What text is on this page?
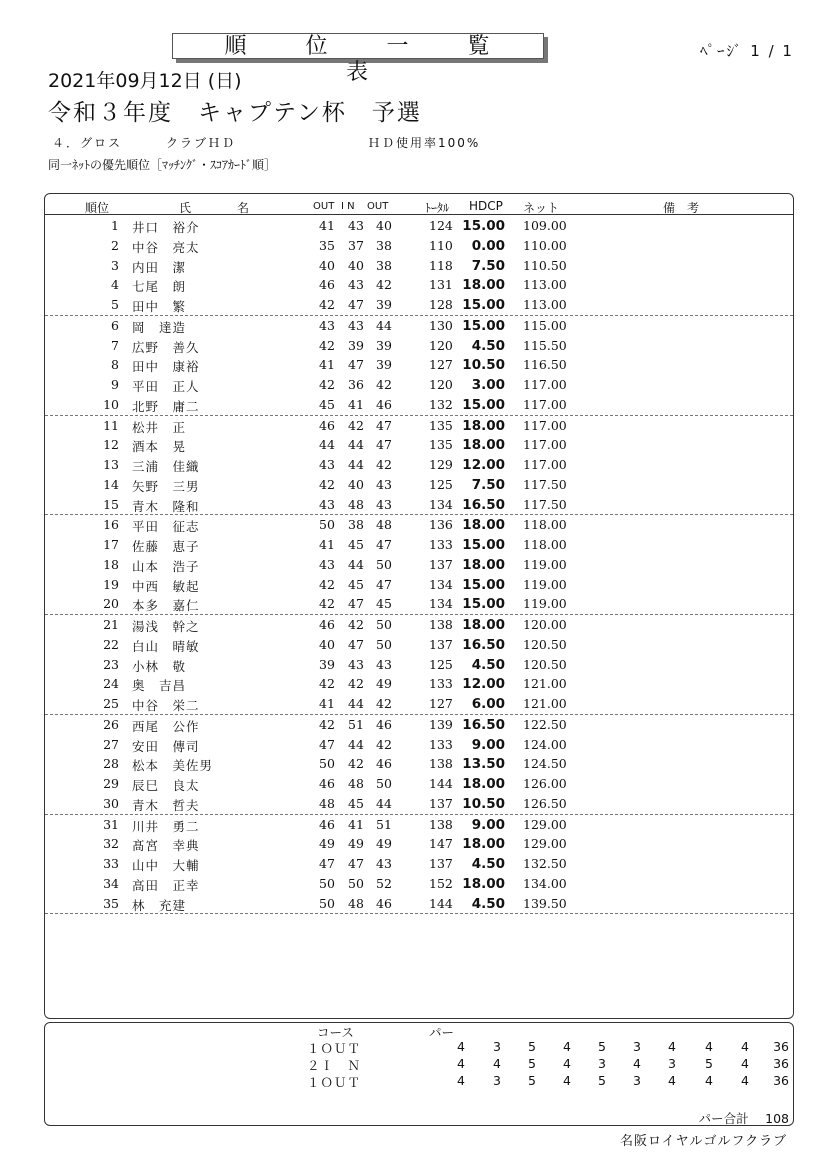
順 位 一 覧 表
ﾍﾟｰｼﾞ 1 / 1
2021年09月12日 (日)
令和３年度　キャプテン杯　予選
４．グロス	クラブＨＤ	ＨＤ使用率100%
同一ﾈｯﾄの優先順位［ﾏｯﾁﾝｸﾞ・ｽｺｱｶｰﾄﾞ順］
順位	氏	名	OUT I N OUT	ﾄｰﾀﾙ HDCP ネット	備　考
1 井口　裕介	41 43 40	124 15.00 109.00
2 中谷　亮太	35 37 38	110 0.00 110.00
3 内田　潔	40 40 38	118 7.50 110.50
4 七尾　朗	46 43 42	131 18.00 113.00
5 田中　繁	42 47 39	128 15.00 113.00
6 岡　達造	43 43 44	130 15.00 115.00
7 広野　善久	42 39 39	120 4.50 115.50
8 田中　康裕	41 47 39	127 10.50 116.50
9 平田　正人	42 36 42	120 3.00 117.00
10 北野　庸二	45 41 46	132 15.00 117.00
11 松井　正	46 42 47	135 18.00 117.00
12 酒本　晃	44 44 47	135 18.00 117.00
13 三浦　佳織	43 44 42	129 12.00 117.00
14 矢野　三男	42 40 43	125 7.50 117.50
15 青木　隆和	43 48 43	134 16.50 117.50
16 平田　征志	50 38 48	136 18.00 118.00
17 佐藤　恵子	41 45 47	133 15.00 118.00
18 山本　浩子	43 44 50	137 18.00 119.00
19 中西　敏起	42 45 47	134 15.00 119.00
20 本多　嘉仁	42 47 45	134 15.00 119.00
21 湯浅　幹之	46 42 50	138 18.00 120.00
22 白山　晴敏	40 47 50	137 16.50 120.50
23 小林　敬	39 43 43	125 4.50 120.50
24 奥　吉昌	42 42 49	133 12.00 121.00
25 中谷　栄二	41 44 42	127 6.00 121.00
26 西尾　公作	42 51 46	139 16.50 122.50
27 安田　傳司	47 44 42	133 9.00 124.00
28 松本　美佐男	50 42 46	138 13.50 124.50
29 辰巳　良太	46 48 50	144 18.00 126.00
30 青木　哲夫	48 45 44	137 10.50 126.50
31 川井　勇二	46 41 51	138 9.00 129.00
32 髙宮　幸典	49 49 49	147 18.00 129.00
33 山中　大輔	47 47 43	137 4.50 132.50
34 高田　正幸	50 50 52	152 18.00 134.00
35 林　充建	50 48 46	144 4.50 139.50
コース	パー
１ＯＵＴ	4	3	5	4	5	3	4	4	4 36
２Ｉ　Ｎ	4	4	5	4	3	4	3	5	4 36
１ＯＵＴ	4	3	5	4	5	3	4	4	4 36
パー合計　 108
名阪ロイヤルゴルフクラブ
